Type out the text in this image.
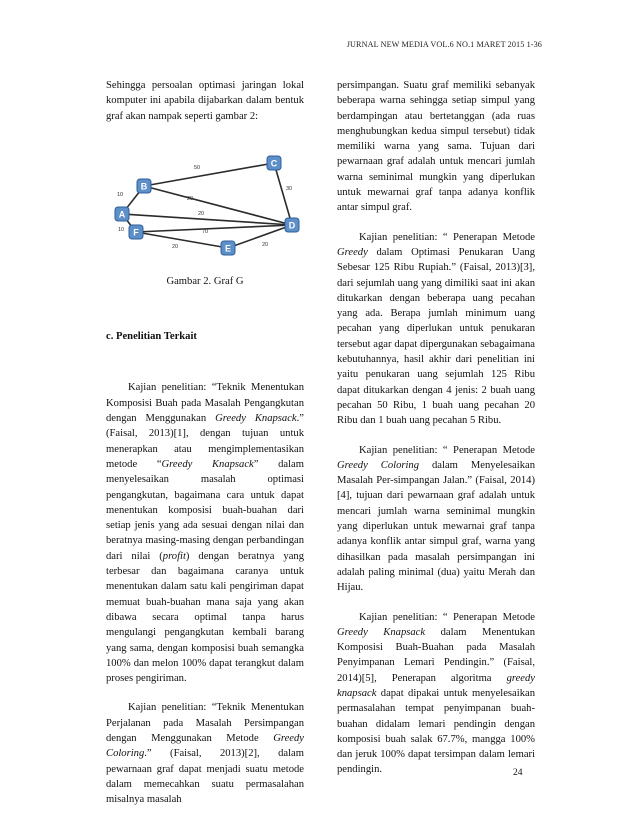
JURNAL NEW MEDIA VOL.6 NO.1 MARET 2015 1-36

Sehingga persoalan optimasi jaringan lokal komputer ini apabila dijabarkan dalam bentuk graf akan nampak seperti gambar 2:

50
10
20
30
20
10	70
20	20
A
B
C
D
E
F
Gambar 2. Graf G
c. Penelitian Terkait

Kajian penelitian: “Teknik Menentukan Komposisi Buah pada Masalah Pengangkutan dengan Menggunakan Greedy Knapsack.” (Faisal, 2013)[1], dengan tujuan untuk menerapkan atau mengimplementasikan metode “Greedy Knapsack” dalam menyelesaikan masalah optimasi pengangkutan, bagaimana cara untuk dapat menentukan komposisi buah-buahan dari setiap jenis yang ada sesuai dengan nilai dan beratnya masing-masing dengan perbandingan dari nilai (profit) dengan beratnya yang terbesar dan bagaimana caranya untuk menentukan dalam satu kali pengiriman dapat memuat buah-buahan mana saja yang akan dibawa secara optimal tanpa harus mengulangi pengangkutan kembali barang yang sama, dengan komposisi buah semangka 100% dan melon 100% dapat terangkut dalam proses pengiriman.

Kajian penelitian: “Teknik Menentukan Perjalanan pada Masalah Persimpangan dengan Menggunakan Metode Greedy Coloring.” (Faisal, 2013)[2], dalam pewarnaan graf dapat menjadi suatu metode dalam memecahkan suatu permasalahan misalnya masalah

persimpangan. Suatu graf memiliki sebanyak beberapa warna sehingga setiap simpul yang berdampingan atau bertetanggan (ada ruas menghubungkan kedua simpul tersebut) tidak memiliki warna yang sama. Tujuan dari pewarnaan graf adalah untuk mencari jumlah warna seminimal mungkin yang diperlukan untuk mewarnai graf tanpa adanya konflik antar simpul graf.

Kajian penelitian: “ Penerapan Metode Greedy dalam Optimasi Penukaran Uang Sebesar 125 Ribu Rupiah.” (Faisal, 2013)[3], dari sejumlah uang yang dimiliki saat ini akan ditukarkan dengan beberapa uang pecahan yang ada. Berapa jumlah minimum uang pecahan yang diperlukan untuk penukaran tersebut agar dapat dipergunakan sebagaimana kebutuhannya, hasil akhir dari penelitian ini yaitu penukaran uang sejumlah 125 Ribu dapat ditukarkan dengan 4 jenis: 2 buah uang pecahan 50 Ribu, 1 buah uang pecahan 20 Ribu dan 1 buah uang pecahan 5 Ribu.

Kajian penelitian: “ Penerapan Metode Greedy Coloring dalam Menyelesaikan Masalah Per-simpangan Jalan.” (Faisal, 2014)[4], tujuan dari pewarnaan graf adalah untuk mencari jumlah warna seminimal mungkin yang diperlukan untuk mewarnai graf tanpa adanya konflik antar simpul graf, warna yang dihasilkan pada masalah persimpangan ini adalah paling minimal (dua) yaitu Merah dan Hijau.

Kajian penelitian: “ Penerapan Metode Greedy Knapsack dalam Menentukan Komposisi Buah-Buahan pada Masalah Penyimpanan Lemari Pendingin.” (Faisal, 2014)[5], Penerapan algoritma greedy knapsack dapat dipakai untuk menyelesaikan permasalahan tempat penyimpanan buah-buahan didalam lemari pendingin dengan komposisi buah salak 67.7%, mangga 100% dan jeruk 100% dapat tersimpan dalam lemari pendingin.	24
